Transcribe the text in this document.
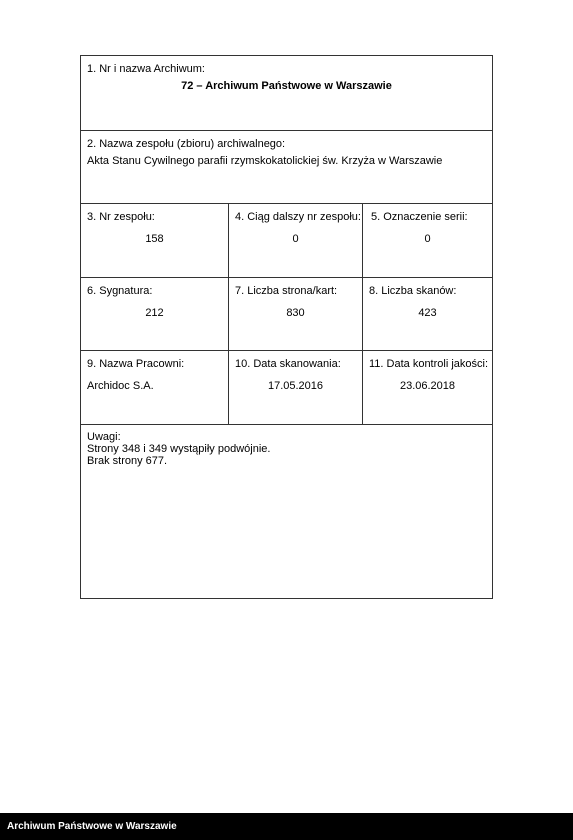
1. Nr i nazwa Archiwum:
72 – Archiwum Państwowe w Warszawie
2. Nazwa zespołu (zbioru) archiwalnego:
Akta Stanu Cywilnego parafii rzymskokatolickiej św. Krzyża w Warszawie
3. Nr zespołu:
158
4. Ciąg dalszy nr zespołu:
0
5. Oznaczenie serii:
0
6. Sygnatura:
212
7. Liczba strona/kart:
830
8. Liczba skanów:
423
9. Nazwa Pracowni:
Archidoc S.A.
10. Data skanowania:
17.05.2016
11. Data kontroli jakości:
23.06.2018
Uwagi:
Strony 348 i 349 wystąpiły podwójnie.
Brak strony 677.
Archiwum Państwowe w Warszawie
